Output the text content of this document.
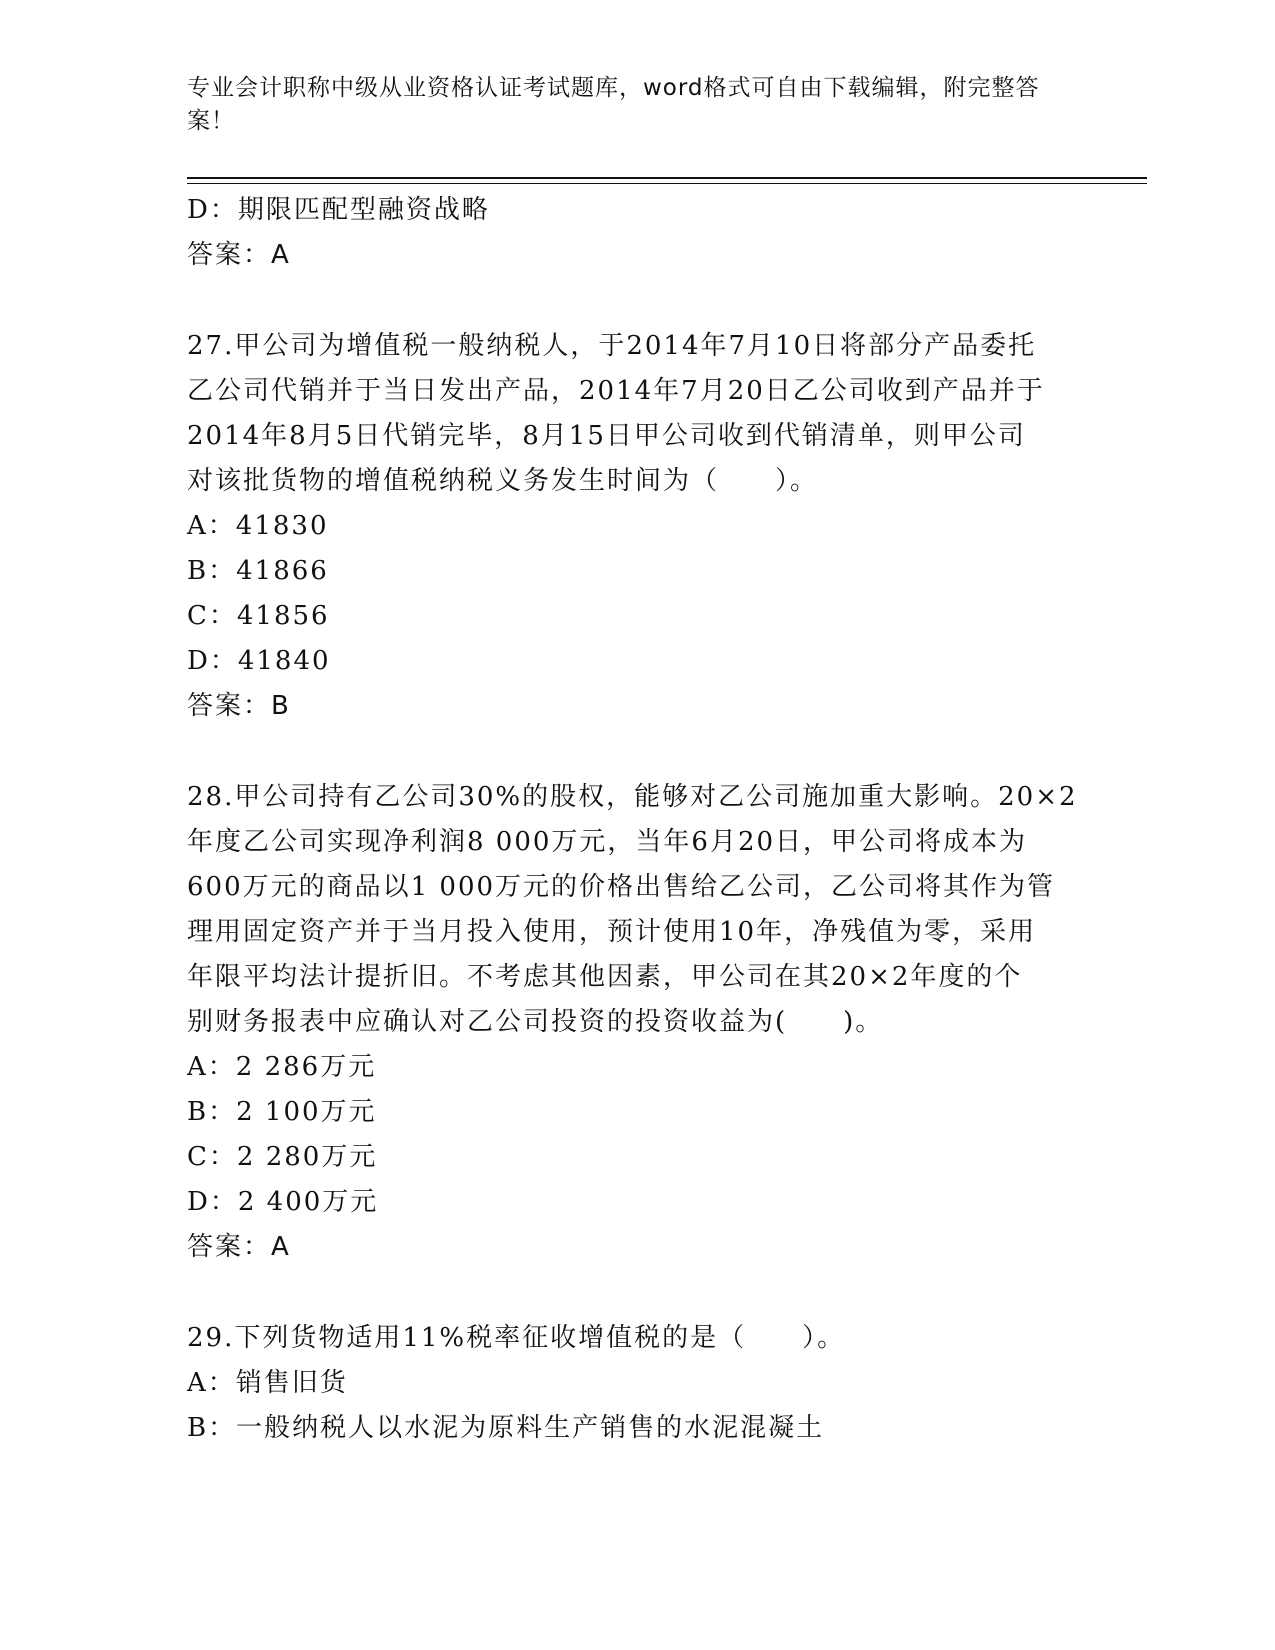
专业会计职称中级从业资格认证考试题库，word格式可自由下载编辑，附完整答
案！
D：期限匹配型融资战略
答案：A
27.甲公司为增值税一般纳税人，于2014年7月10日将部分产品委托
乙公司代销并于当日发出产品，2014年7月20日乙公司收到产品并于
2014年8月5日代销完毕，8月15日甲公司收到代销清单，则甲公司
对该批货物的增值税纳税义务发生时间为（　　）。
A：41830
B：41866
C：41856
D：41840
答案：B
28.甲公司持有乙公司30%的股权，能够对乙公司施加重大影响。20×2
年度乙公司实现净利润8 000万元，当年6月20日，甲公司将成本为
600万元的商品以1 000万元的价格出售给乙公司，乙公司将其作为管
理用固定资产并于当月投入使用，预计使用10年，净残值为零，采用
年限平均法计提折旧。不考虑其他因素，甲公司在其20×2年度的个
别财务报表中应确认对乙公司投资的投资收益为(　　)。
A：2 286万元
B：2 100万元
C：2 280万元
D：2 400万元
答案：A
29.下列货物适用11%税率征收增值税的是（　　）。
A：销售旧货
B：一般纳税人以水泥为原料生产销售的水泥混凝土
